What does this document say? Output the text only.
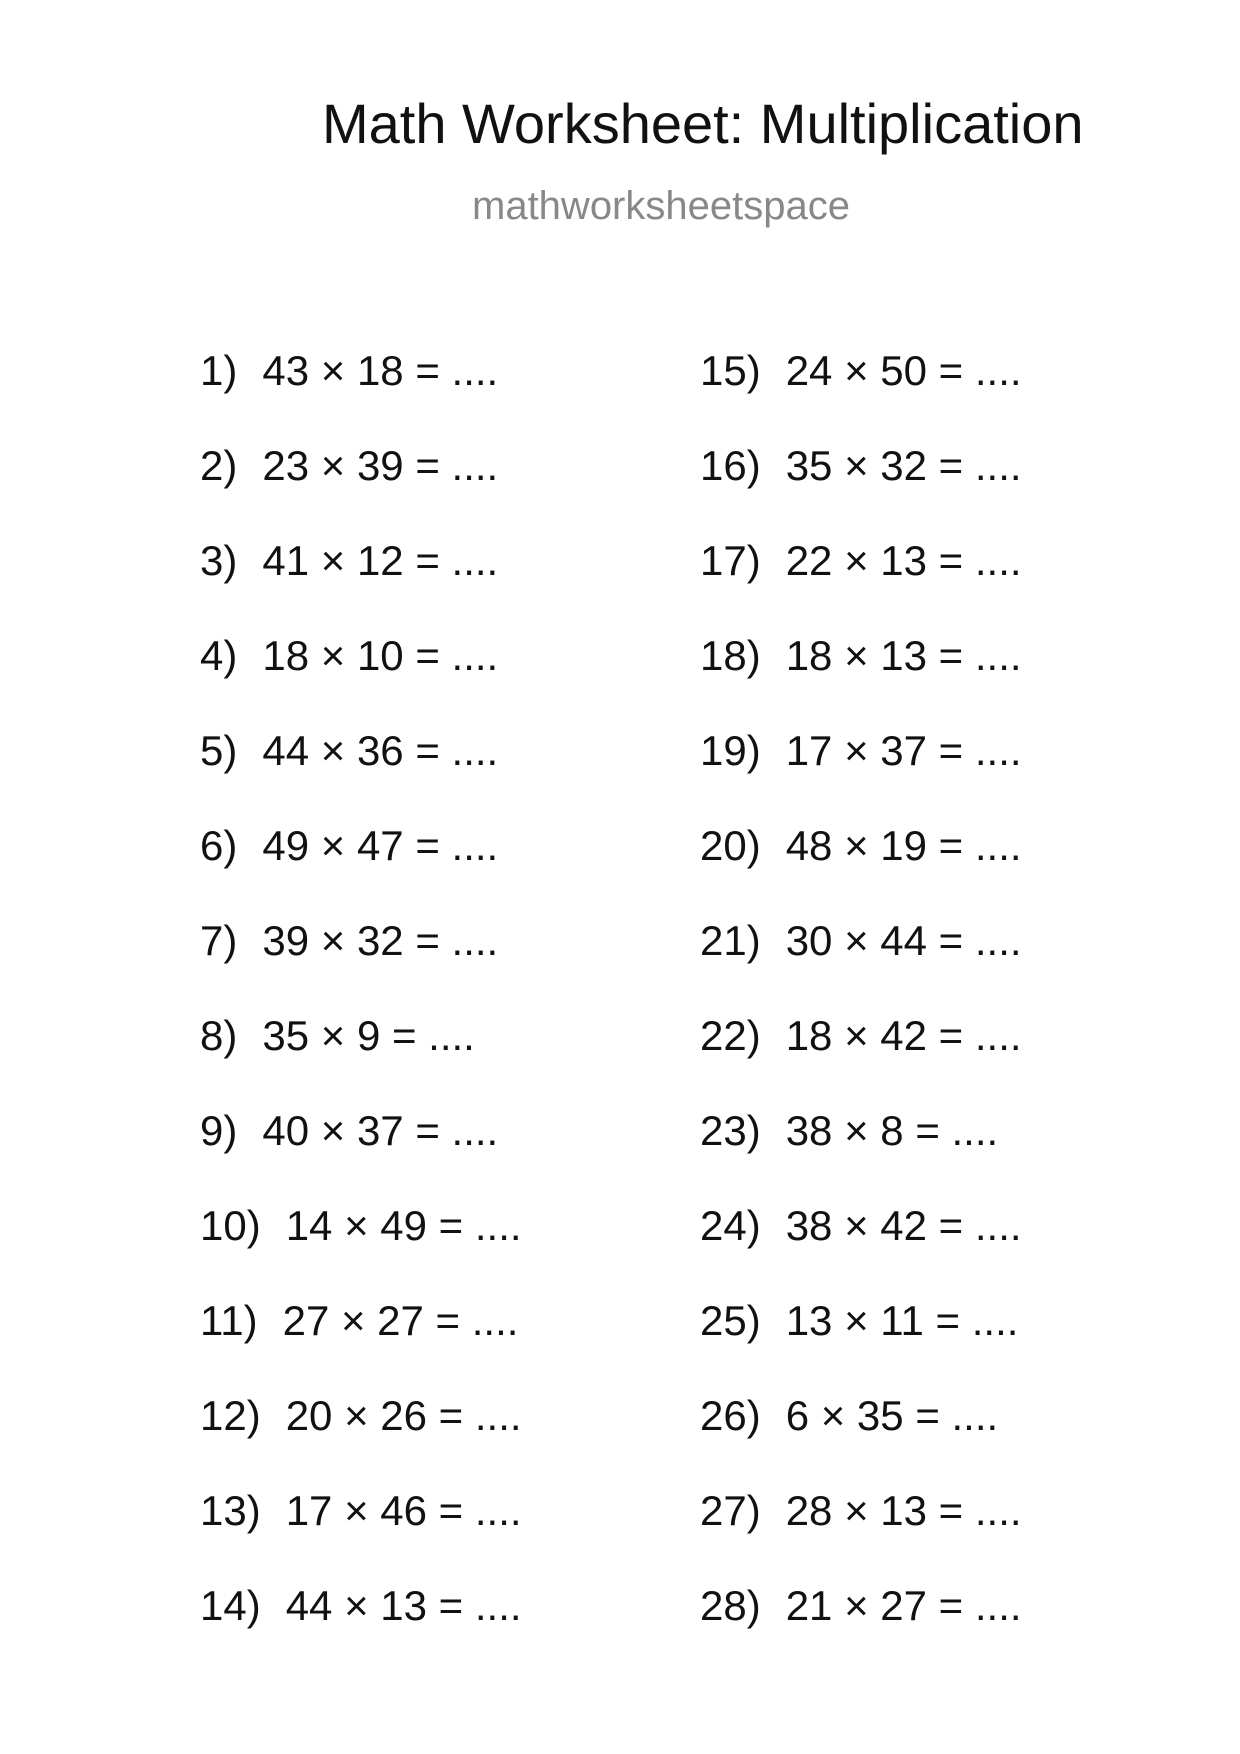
Math Worksheet: Multiplication
mathworksheetspace
1) 43 × 18 = ....
2) 23 × 39 = ....
3) 41 × 12 = ....
4) 18 × 10 = ....
5) 44 × 36 = ....
6) 49 × 47 = ....
7) 39 × 32 = ....
8) 35 × 9 = ....
9) 40 × 37 = ....
10) 14 × 49 = ....
11) 27 × 27 = ....
12) 20 × 26 = ....
13) 17 × 46 = ....
14) 44 × 13 = ....
15) 24 × 50 = ....
16) 35 × 32 = ....
17) 22 × 13 = ....
18) 18 × 13 = ....
19) 17 × 37 = ....
20) 48 × 19 = ....
21) 30 × 44 = ....
22) 18 × 42 = ....
23) 38 × 8 = ....
24) 38 × 42 = ....
25) 13 × 11 = ....
26) 6 × 35 = ....
27) 28 × 13 = ....
28) 21 × 27 = ....
